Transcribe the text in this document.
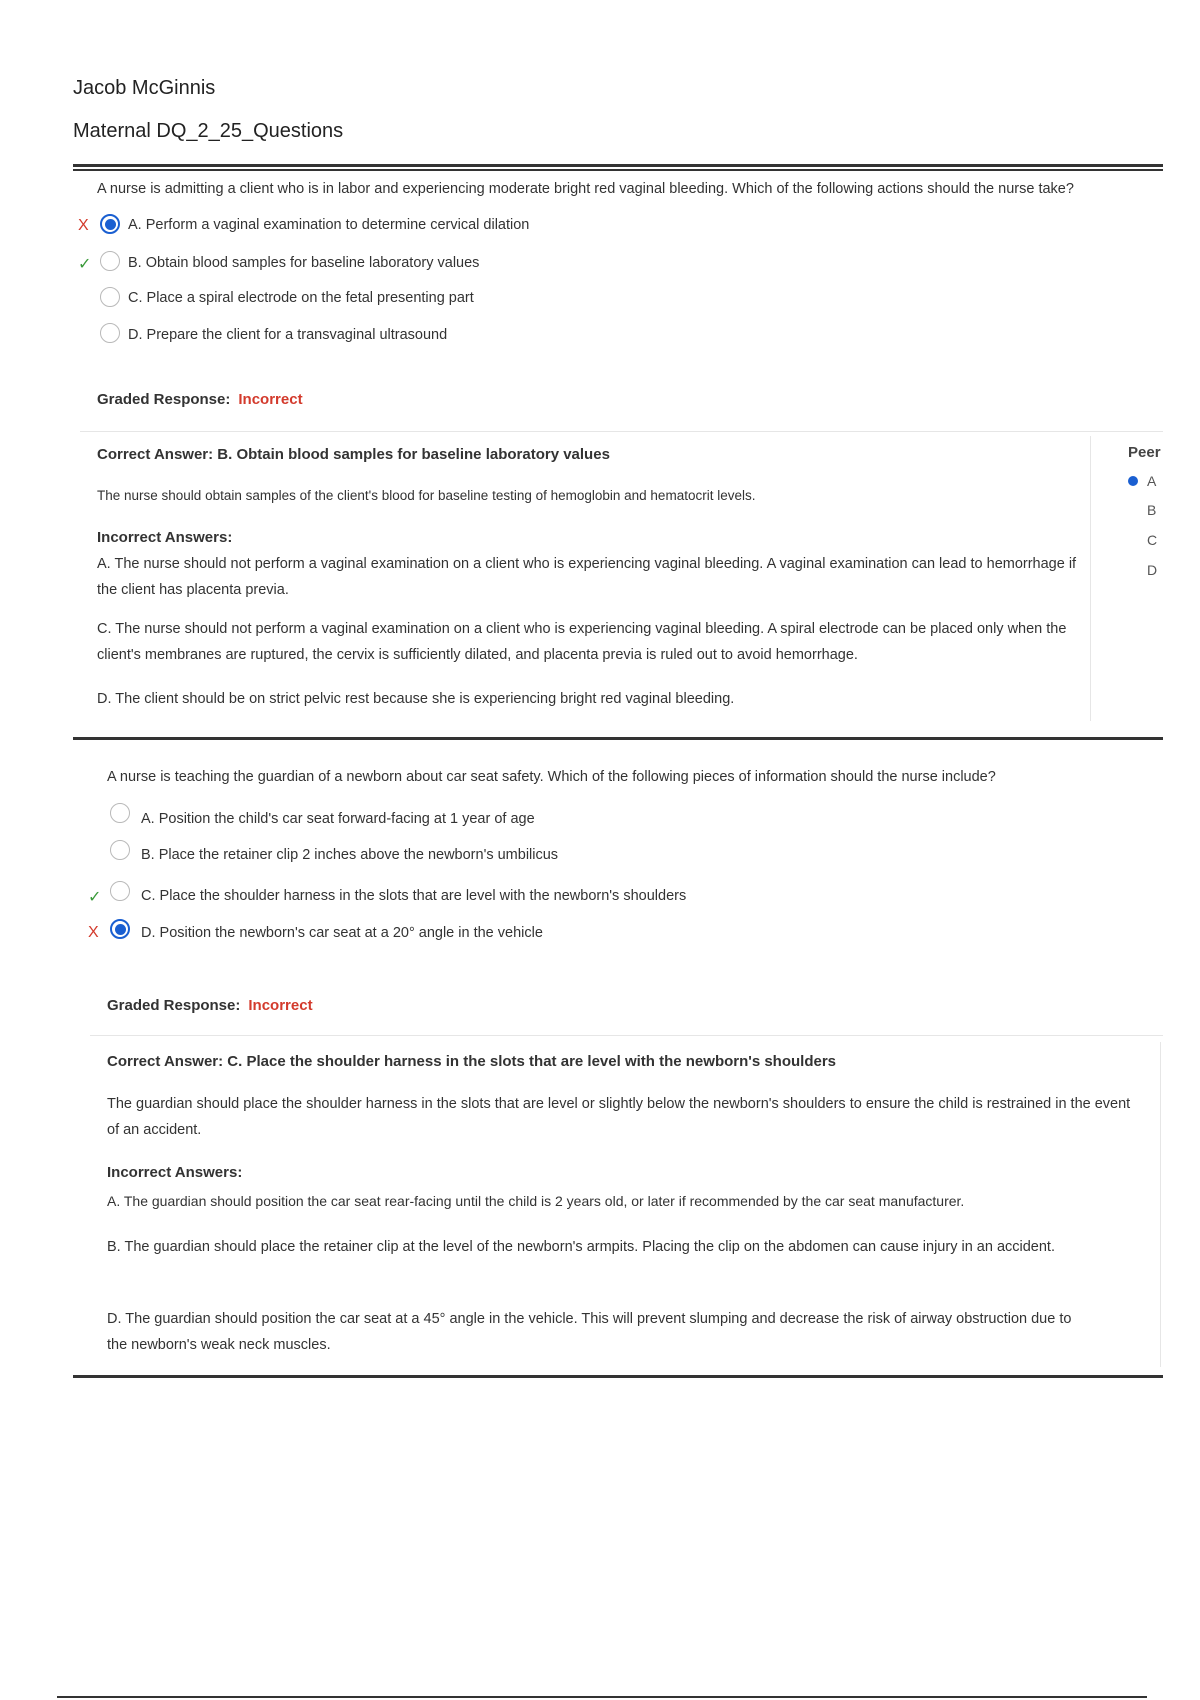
Jacob McGinnis
Maternal DQ_2_25_Questions
A nurse is admitting a client who is in labor and experiencing moderate bright red vaginal bleeding. Which of the following actions should the nurse take?
X	A. Perform a vaginal examination to determine cervical dilation
✓	B. Obtain blood samples for baseline laboratory values
C. Place a spiral electrode on the fetal presenting part
D. Prepare the client for a transvaginal ultrasound
Graded Response: Incorrect
Correct Answer: B. Obtain blood samples for baseline laboratory values
The nurse should obtain samples of the client's blood for baseline testing of hemoglobin and hematocrit levels.
Incorrect Answers:
A. The nurse should not perform a vaginal examination on a client who is experiencing vaginal bleeding. A vaginal examination can lead to hemorrhage if the client has placenta previa.
C. The nurse should not perform a vaginal examination on a client who is experiencing vaginal bleeding. A spiral electrode can be placed only when the client's membranes are ruptured, the cervix is sufficiently dilated, and placenta previa is ruled out to avoid hemorrhage.
D. The client should be on strict pelvic rest because she is experiencing bright red vaginal bleeding.
Peer
A
B
C
D
A nurse is teaching the guardian of a newborn about car seat safety. Which of the following pieces of information should the nurse include?
A. Position the child's car seat forward-facing at 1 year of age
B. Place the retainer clip 2 inches above the newborn's umbilicus
✓	C. Place the shoulder harness in the slots that are level with the newborn's shoulders
X	D. Position the newborn's car seat at a 20° angle in the vehicle
Graded Response: Incorrect
Correct Answer: C. Place the shoulder harness in the slots that are level with the newborn's shoulders
The guardian should place the shoulder harness in the slots that are level or slightly below the newborn's shoulders to ensure the child is restrained in the event of an accident.
Incorrect Answers:
A. The guardian should position the car seat rear-facing until the child is 2 years old, or later if recommended by the car seat manufacturer.
B. The guardian should place the retainer clip at the level of the newborn's armpits. Placing the clip on the abdomen can cause injury in an accident.
D. The guardian should position the car seat at a 45° angle in the vehicle. This will prevent slumping and decrease the risk of airway obstruction due to the newborn's weak neck muscles.
